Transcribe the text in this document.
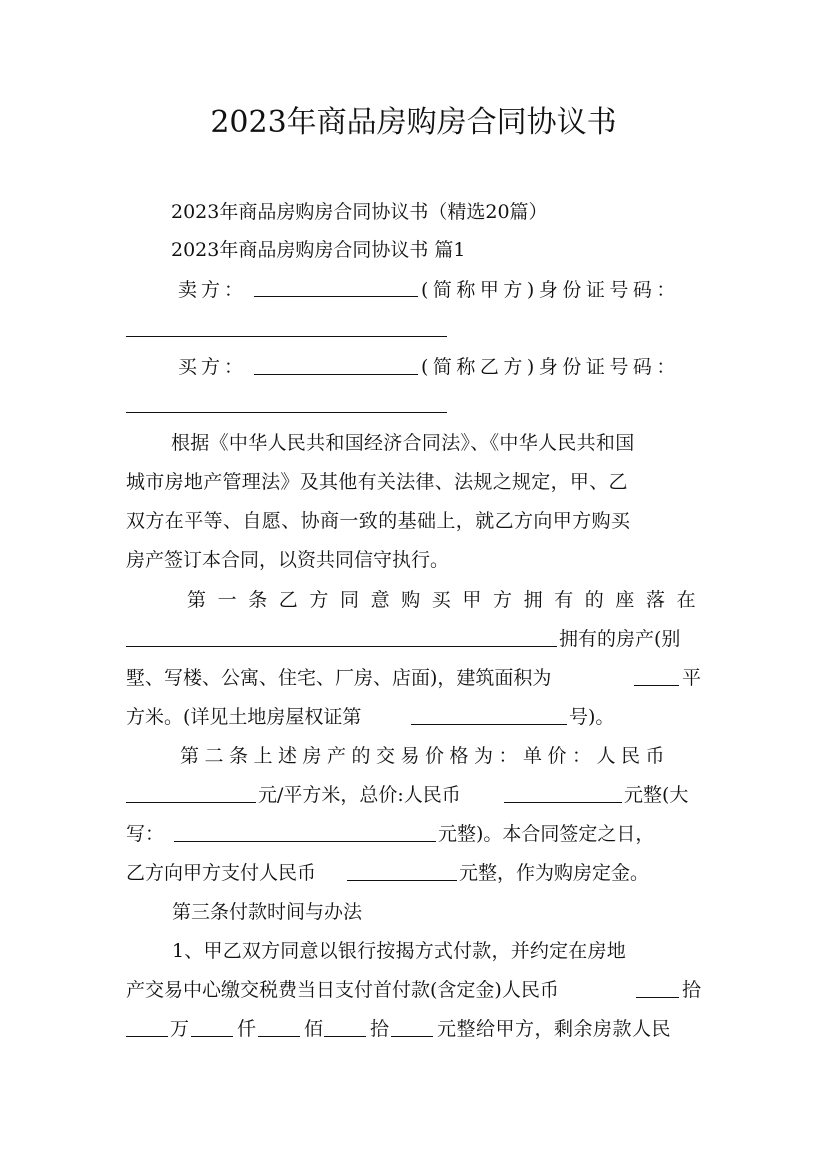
2023年商品房购房合同协议书
2023年商品房购房合同协议书（精选20篇）
2023年商品房购房合同协议书 篇1
卖方：	(简称甲方)身份证号码：
买方：	(简称乙方)身份证号码：
根据《中华人民共和国经济合同法》、《中华人民共和国
城市房地产管理法》及其他有关法律、法规之规定，甲、乙
双方在平等、自愿、协商一致的基础上，就乙方向甲方购买
房产签订本合同，以资共同信守执行。
第一条乙方同意购买甲方拥有的座落在
拥有的房产(别
墅、写楼、公寓、住宅、厂房、店面)，建筑面积为	平
方米。(详见土地房屋权证第	号)。
第二条上述房产的交易价格为：单价：人民币
元/平方米，总价:人民币	元整(大
写：	元整)。本合同签定之日，
乙方向甲方支付人民币	元整，作为购房定金。
第三条付款时间与办法
1、甲乙双方同意以银行按揭方式付款，并约定在房地
产交易中心缴交税费当日支付首付款(含定金)人民币	拾
万	仟	佰 拾	元整给甲方，剩余房款人民
